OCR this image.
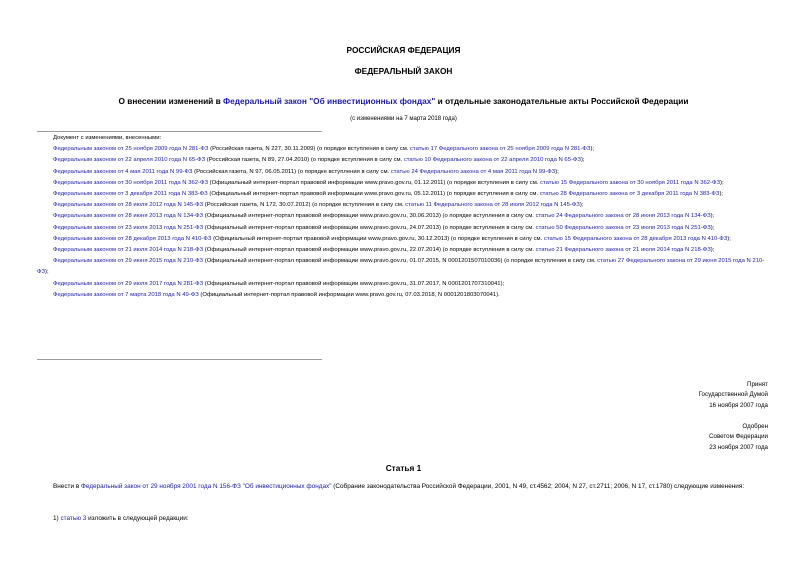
РОССИЙСКАЯ ФЕДЕРАЦИЯ
ФЕДЕРАЛЬНЫЙ ЗАКОН
О внесении изменений в Федеральный закон "Об инвестиционных фондах" и отдельные законодательные акты Российской Федерации
(с изменениями на 7 марта 2018 года)
Документ с изменениями, внесенными:
Федеральным законом от 25 ноября 2009 года N 281-ФЗ (Российская газета, N 227, 30.11.2009) (о порядке вступления в силу см. статью 17 Федерального закона от 25 ноября 2009 года N 281-ФЗ);
Федеральным законом от 22 апреля 2010 года N 65-ФЗ (Российская газета, N 89, 27.04.2010) (о порядке вступления в силу см. статью 10 Федерального закона от 22 апреля 2010 года N 65-ФЗ);
Федеральным законом от 4 мая 2011 года N 99-ФЗ (Российская газета, N 97, 06.05.2011) (о порядке вступления в силу см. статью 24 Федерального закона от 4 мая 2011 года N 99-ФЗ);
Федеральным законом от 30 ноября 2011 года N 362-ФЗ (Официальный интернет-портал правовой информации www.pravo.gov.ru, 01.12.2011) (о порядке вступления в силу см. статью 15 Федерального закона от 30 ноября 2011 года N 362-ФЗ);
Федеральным законом от 3 декабря 2011 года N 383-ФЗ (Официальный интернет-портал правовой информации www.pravo.gov.ru, 05.12.2011) (о порядке вступления в силу см. статью 28 Федерального закона от 3 декабря 2011 года N 383-ФЗ);
Федеральным законом от 28 июля 2012 года N 145-ФЗ (Российская газета, N 172, 30.07.2012) (о порядке вступления в силу см. статью 11 Федерального закона от 28 июля 2012 года N 145-ФЗ);
Федеральным законом от 28 июня 2013 года N 134-ФЗ (Официальный интернет-портал правовой информации www.pravo.gov.ru, 30.06.2013) (о порядке вступления в силу см. статью 24 Федерального закона от 28 июня 2013 года N 134-ФЗ);
Федеральным законом от 23 июля 2013 года N 251-ФЗ (Официальный интернет-портал правовой информации www.pravo.gov.ru, 24.07.2013) (о порядке вступления в силу см. статью 50 Федерального закона от 23 июля 2013 года N 251-ФЗ);
Федеральным законом от 28 декабря 2013 года N 410-ФЗ (Официальный интернет-портал правовой информации www.pravo.gov.ru, 30.12.2013) (о порядке вступления в силу см. статью 15 Федерального закона от 28 декабря 2013 года N 410-ФЗ);
Федеральным законом от 21 июля 2014 года N 218-ФЗ (Официальный интернет-портал правовой информации www.pravo.gov.ru, 22.07.2014) (о порядке вступления в силу см. статью 21 Федерального закона от 21 июля 2014 года N 218-ФЗ);
Федеральным законом от 29 июня 2015 года N 210-ФЗ (Официальный интернет-портал правовой информации www.pravo.gov.ru, 01.07.2015, N 0001201507010036) (о порядке вступления в силу см. статью 27 Федерального закона от 29 июня 2015 года N 210-ФЗ);
Федеральным законом от 29 июля 2017 года N 281-ФЗ (Официальный интернет-портал правовой информации www.pravo.gov.ru, 31.07.2017, N 0001201707310041);
Федеральным законом от 7 марта 2018 года N 49-ФЗ (Официальный интернет-портал правовой информации www.pravo.gov.ru, 07.03.2018, N 0001201803070041).
Принят
Государственной Думой
16 ноября 2007 года
Одобрен
Советом Федерации
23 ноября 2007 года
Статья 1
Внести в Федеральный закон от 29 ноября 2001 года N 156-ФЗ "Об инвестиционных фондах" (Собрание законодательства Российской Федерации, 2001, N 49, ст.4562; 2004, N 27, ст.2711; 2006, N 17, ст.1780) следующие изменения:
1) статью 3 изложить в следующей редакции:
